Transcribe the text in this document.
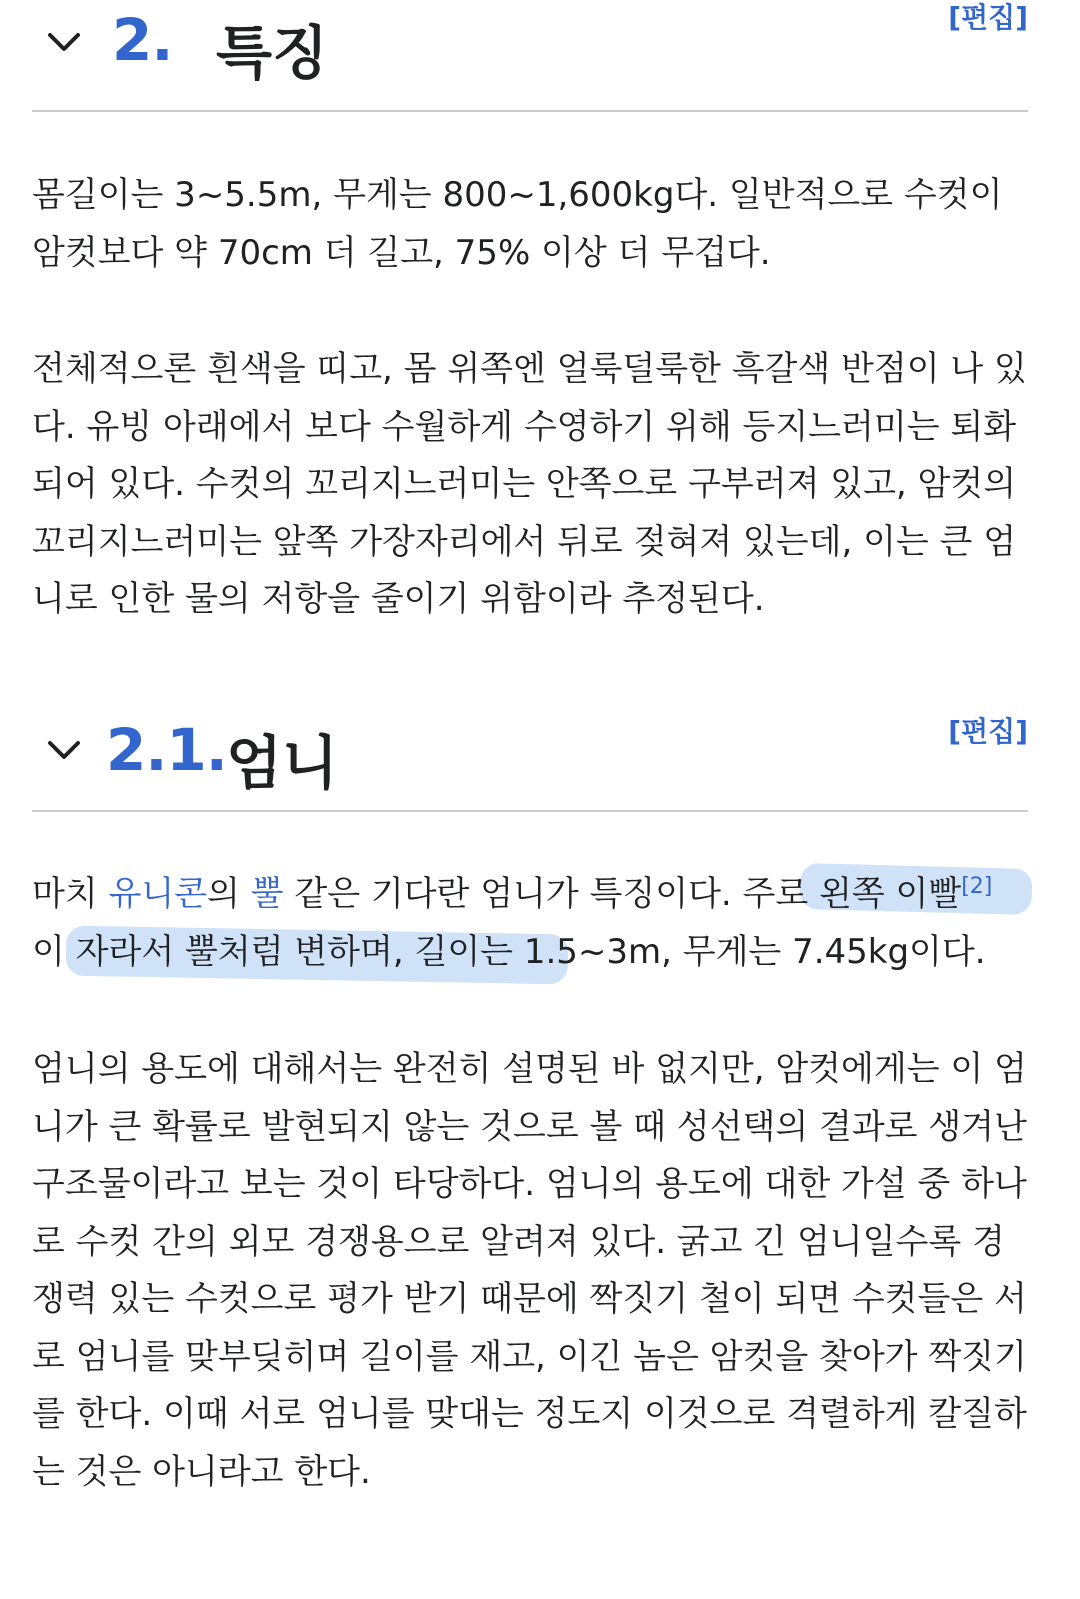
2. 특징
[편집]

몸길이는 3~5.5m, 무게는 800~1,600kg다. 일반적으로 수컷이
암컷보다 약 70cm 더 길고, 75% 이상 더 무겁다.

전체적으론 흰색을 띠고, 몸 위쪽엔 얼룩덜룩한 흑갈색 반점이 나 있
다. 유빙 아래에서 보다 수월하게 수영하기 위해 등지느러미는 퇴화
되어 있다. 수컷의 꼬리지느러미는 안쪽으로 구부러져 있고, 암컷의
꼬리지느러미는 앞쪽 가장자리에서 뒤로 젖혀져 있는데, 이는 큰 엄
니로 인한 물의 저항을 줄이기 위함이라 추정된다.

2.1. 엄니	[편집]

마치 유니콘의 뿔 같은 기다란 엄니가 특징이다. 주로 왼쪽 이빨[2]
이 자라서 뿔처럼 변하며, 길이는 1.5~3m, 무게는 7.45kg이다.

엄니의 용도에 대해서는 완전히 설명된 바 없지만, 암컷에게는 이 엄
니가 큰 확률로 발현되지 않는 것으로 볼 때 성선택의 결과로 생겨난
구조물이라고 보는 것이 타당하다. 엄니의 용도에 대한 가설 중 하나
로 수컷 간의 외모 경쟁용으로 알려져 있다. 굵고 긴 엄니일수록 경
쟁력 있는 수컷으로 평가 받기 때문에 짝짓기 철이 되면 수컷들은 서
로 엄니를 맞부딪히며 길이를 재고, 이긴 놈은 암컷을 찾아가 짝짓기
를 한다. 이때 서로 엄니를 맞대는 정도지 이것으로 격렬하게 칼질하
는 것은 아니라고 한다.
